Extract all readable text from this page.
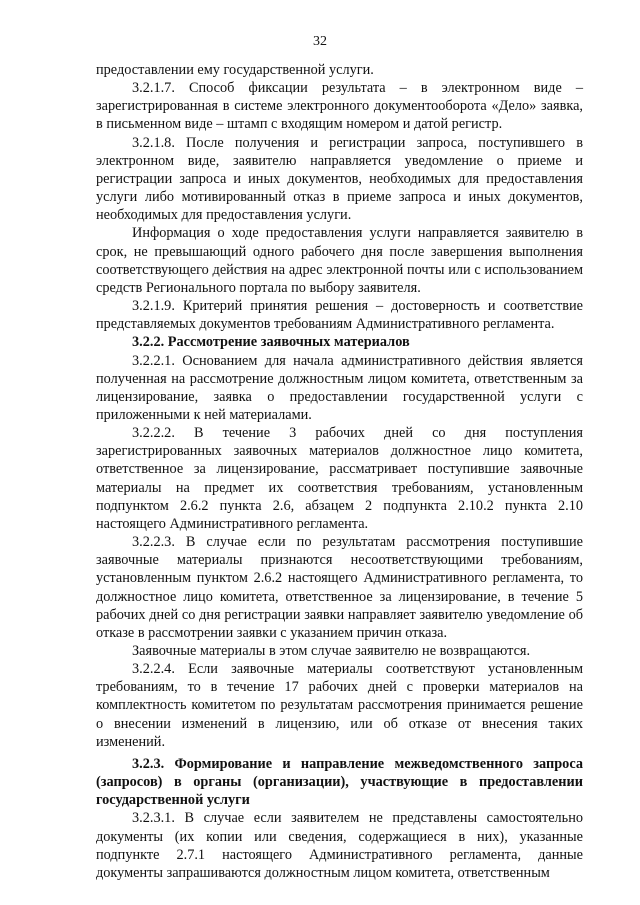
32

предоставлении ему государственной услуги.

3.2.1.7. Способ фиксации результата – в электронном виде – зарегистрированная в системе электронного документооборота «Дело» заявка, в письменном виде – штамп с входящим номером и датой регистр.

3.2.1.8. После получения и регистрации запроса, поступившего в электронном виде, заявителю направляется уведомление о приеме и регистрации запроса и иных документов, необходимых для предоставления услуги либо мотивированный отказ в приеме запроса и иных документов, необходимых для предоставления услуги.

Информация о ходе предоставления услуги направляется заявителю в срок, не превышающий одного рабочего дня после завершения выполнения соответствующего действия на адрес электронной почты или с использованием средств Регионального портала по выбору заявителя.

3.2.1.9. Критерий принятия решения – достоверность и соответствие представляемых документов требованиям Административного регламента.

3.2.2. Рассмотрение заявочных материалов

3.2.2.1. Основанием для начала административного действия является полученная на рассмотрение должностным лицом комитета, ответственным за лицензирование, заявка о предоставлении государственной услуги с приложенными к ней материалами.

3.2.2.2. В течение 3 рабочих дней со дня поступления зарегистрированных заявочных материалов должностное лицо комитета, ответственное за лицензирование, рассматривает поступившие заявочные материалы на предмет их соответствия требованиям, установленным подпунктом 2.6.2 пункта 2.6, абзацем 2 подпункта 2.10.2 пункта 2.10 настоящего Административного регламента.

3.2.2.3. В случае если по результатам рассмотрения поступившие заявочные материалы признаются несоответствующими требованиям, установленным пунктом 2.6.2 настоящего Административного регламента, то должностное лицо комитета, ответственное за лицензирование, в течение 5 рабочих дней со дня регистрации заявки направляет заявителю уведомление об отказе в рассмотрении заявки с указанием причин отказа.

Заявочные материалы в этом случае заявителю не возвращаются.

3.2.2.4. Если заявочные материалы соответствуют установленным требованиям, то в течение 17 рабочих дней с проверки материалов на комплектность комитетом по результатам рассмотрения принимается решение о внесении изменений в лицензию, или об отказе от внесения таких изменений.

3.2.3. Формирование и направление межведомственного запроса (запросов) в органы (организации), участвующие в предоставлении государственной услуги

3.2.3.1. В случае если заявителем не представлены самостоятельно документы (их копии или сведения, содержащиеся в них), указанные подпункте 2.7.1 настоящего Административного регламента, данные документы запрашиваются должностным лицом комитета, ответственным
